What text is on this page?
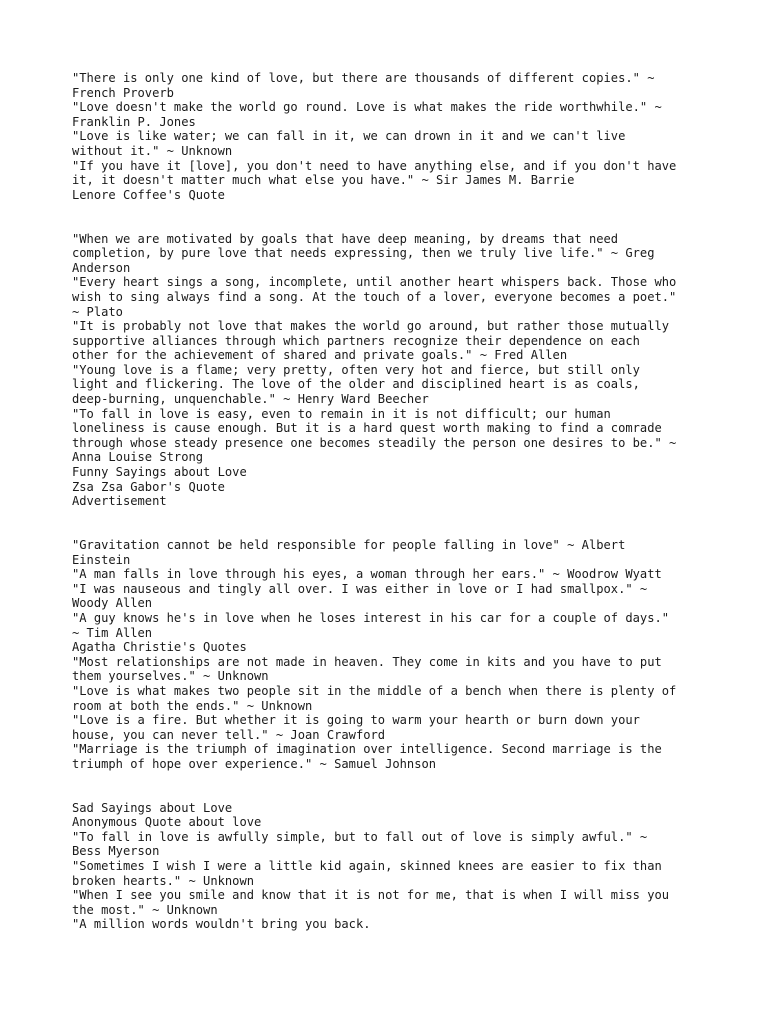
"There is only one kind of love, but there are thousands of different copies." ~
French Proverb
"Love doesn't make the world go round. Love is what makes the ride worthwhile." ~
Franklin P. Jones
"Love is like water; we can fall in it, we can drown in it and we can't live
without it." ~ Unknown
"If you have it [love], you don't need to have anything else, and if you don't have
it, it doesn't matter much what else you have." ~ Sir James M. Barrie
Lenore Coffee's Quote
"When we are motivated by goals that have deep meaning, by dreams that need
completion, by pure love that needs expressing, then we truly live life." ~ Greg
Anderson
"Every heart sings a song, incomplete, until another heart whispers back. Those who
wish to sing always find a song. At the touch of a lover, everyone becomes a poet."
~ Plato
"It is probably not love that makes the world go around, but rather those mutually
supportive alliances through which partners recognize their dependence on each
other for the achievement of shared and private goals." ~ Fred Allen
"Young love is a flame; very pretty, often very hot and fierce, but still only
light and flickering. The love of the older and disciplined heart is as coals,
deep-burning, unquenchable." ~ Henry Ward Beecher
"To fall in love is easy, even to remain in it is not difficult; our human
loneliness is cause enough. But it is a hard quest worth making to find a comrade
through whose steady presence one becomes steadily the person one desires to be." ~
Anna Louise Strong
Funny Sayings about Love
Zsa Zsa Gabor's Quote
Advertisement
"Gravitation cannot be held responsible for people falling in love" ~ Albert
Einstein
"A man falls in love through his eyes, a woman through her ears." ~ Woodrow Wyatt
"I was nauseous and tingly all over. I was either in love or I had smallpox." ~
Woody Allen
"A guy knows he's in love when he loses interest in his car for a couple of days."
~ Tim Allen
Agatha Christie's Quotes
"Most relationships are not made in heaven. They come in kits and you have to put
them yourselves." ~ Unknown
"Love is what makes two people sit in the middle of a bench when there is plenty of
room at both the ends." ~ Unknown
"Love is a fire. But whether it is going to warm your hearth or burn down your
house, you can never tell." ~ Joan Crawford
"Marriage is the triumph of imagination over intelligence. Second marriage is the
triumph of hope over experience." ~ Samuel Johnson
Sad Sayings about Love
Anonymous Quote about love
"To fall in love is awfully simple, but to fall out of love is simply awful." ~
Bess Myerson
"Sometimes I wish I were a little kid again, skinned knees are easier to fix than
broken hearts." ~ Unknown
"When I see you smile and know that it is not for me, that is when I will miss you
the most." ~ Unknown
"A million words wouldn't bring you back.
